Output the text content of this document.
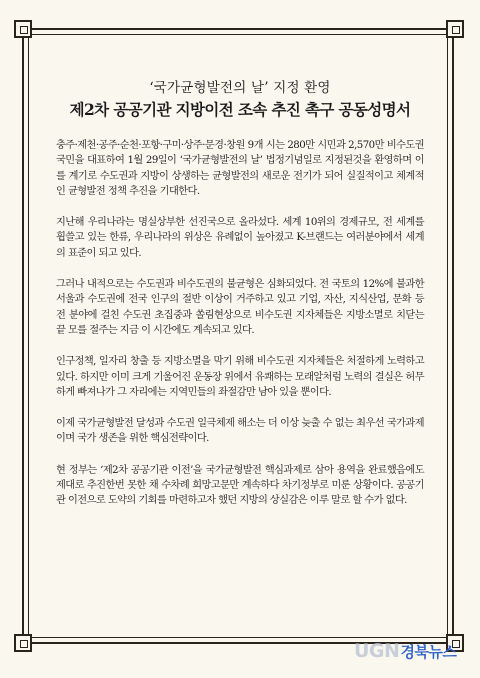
‘국가균형발전의 날’ 지정 환영
제2차 공공기관 지방이전 조속 추진 촉구 공동성명서

충주·제천·공주·순천·포항·구미·상주·문경·창원 9개 시는 280만 시민과 2,570만 비수도권 국민을 대표하여 1월 29일이 ‘국가균형발전의 날’ 법정기념일로 지정된것을 환영하며 이를 계기로 수도권과 지방이 상생하는 균형발전의 새로운 전기가 되어 실질적이고 체계적인 균형발전 정책 추진을 기대한다.

지난해 우리나라는 명실상부한 선진국으로 올라섰다. 세계 10위의 경제규모, 전 세계를 휩쓸고 있는 한류, 우리나라의 위상은 유례없이 높아졌고 K-브랜드는 여러분야에서 세계의 표준이 되고 있다.

그러나 내적으로는 수도권과 비수도권의 불균형은 심화되었다. 전 국토의 12%에 불과한 서울과 수도권에 전국 인구의 절반 이상이 거주하고 있고 기업, 자산, 지식산업, 문화 등 전 분야에 걸친 수도권 초집중과 쏠림현상으로 비수도권 지자체들은 지방소멸로 치닫는 끝 모를 절주는 지금 이 시간에도 계속되고 있다.

인구정책, 일자리 창출 등 지방소멸을 막기 위해 비수도권 지자체들은 처절하게 노력하고 있다. 하지만 이미 크게 기울어진 운동장 위에서 유쾌하는 모래알처럼 노력의 결실은 허무하게 빠져나가 그 자리에는 지역민들의 좌절감만 남아 있을 뿐이다.

이제 국가균형발전 달성과 수도권 일극체제 해소는 더 이상 늦출 수 없는 최우선 국가과제이며 국가 생존을 위한 핵심전략이다.

현 정부는 ‘제2차 공공기관 이전’을 국가균형발전 핵심과제로 삼아 용역을 완료했음에도 제대로 추진한번 못한 채 수차례 희망고문만 계속하다 차기정부로 미룬 상황이다. 공공기관 이전으로 도약의 기회를 마련하고자 했던 지방의 상실감은 이루 말로 할 수가 없다.

UGN 경북뉴스
